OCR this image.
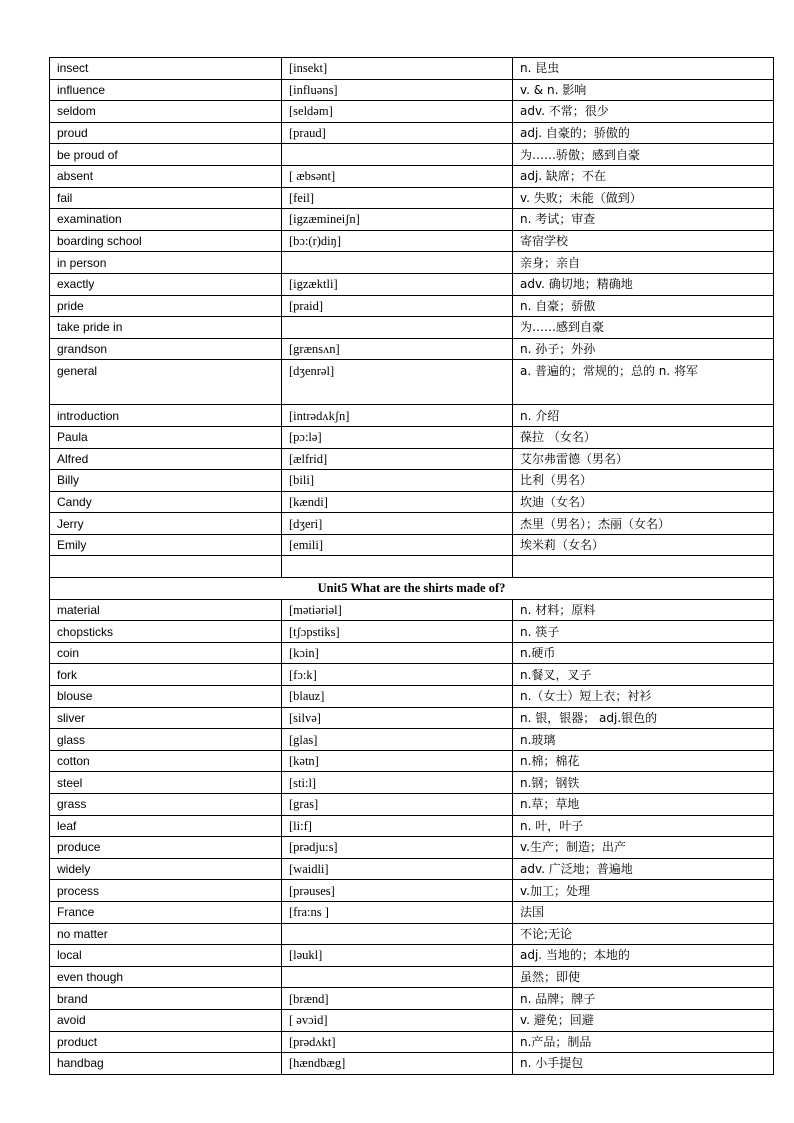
insect	[insekt]	n. 昆虫
influence	[influəns]	v. & n. 影响
seldom	[seldəm]	adv. 不常；很少
proud	[praud]	adj. 自豪的；骄傲的
be proud of		为……骄傲；感到自豪
absent	[ æbsənt]	adj. 缺席；不在
fail	[feil]	v. 失败；未能（做到）
examination	[igzæmineiʃn]	n. 考试；审查
boarding school	[bɔ:(r)diŋ]	寄宿学校
in person		亲身；亲自
exactly	[igzæktli]	adv. 确切地；精确地
pride	[praid]	n. 自豪；骄傲
take pride in		为……感到自豪
grandson	[grænsʌn]	n. 孙子；外孙
general	[dʒenrəl]	a. 普遍的；常规的；总的 n. 将军
introduction	[intrədʌkʃn]	n. 介绍
Paula	[pɔ:lə]	葆拉 （女名）
Alfred	[ælfrid]	艾尔弗雷德（男名）
Billy	[bili]	比利（男名）
Candy	[kændi]	坎迪（女名）
Jerry	[dʒeri]	杰里（男名）；杰丽（女名）
Emily	[emili]	埃米莉（女名）

Unit5 What are the shirts made of?		
material	[mətiəriəl]	n. 材料；原料
chopsticks	[tʃɔpstiks]	n. 筷子
coin	[kɔin]	n.硬币
fork	[fɔ:k]	n.餐叉，叉子
blouse	[blauz]	n.（女士）短上衣；衬衫
sliver	[silvə]	n. 银，银器； adj.银色的
glass	[glas]	n.玻璃
cotton	[kətn]	n.棉；棉花
steel	[sti:l]	n.钢；钢铁
grass	[gras]	n.草；草地
leaf	[li:f]	n. 叶，叶子
produce	[prədju:s]	v.生产；制造；出产
widely	[waidli]	adv. 广泛地；普遍地
process	[prəuses]	v.加工；处理
France	[fra:ns ]	法国
no matter		不论;无论
local	[ləukl]	adj. 当地的；本地的
even though		虽然；即使
brand	[brænd]	n. 品牌；牌子
avoid	[ əvɔid]	v. 避免；回避
product	[prədʌkt]	n.产品；制品
handbag	[hændbæg]	n. 小手提包
